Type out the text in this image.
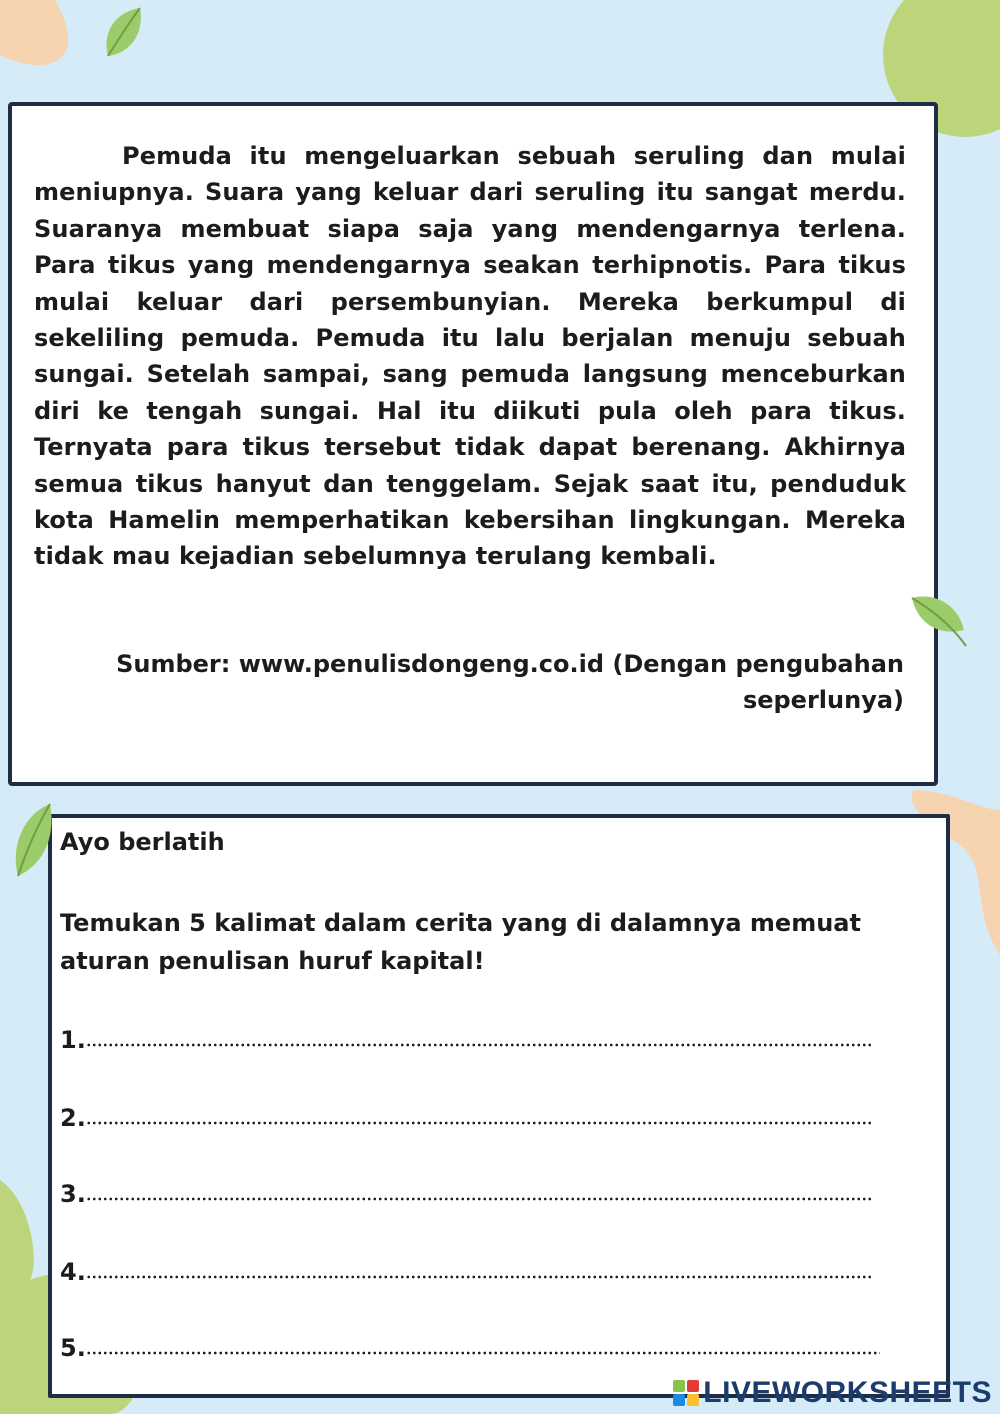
Pemuda itu mengeluarkan sebuah seruling dan mulai meniupnya. Suara yang keluar dari seruling itu sangat merdu. Suaranya membuat siapa saja yang mendengarnya terlena. Para tikus yang mendengarnya seakan terhipnotis. Para tikus mulai keluar dari persembunyian. Mereka berkumpul di sekeliling pemuda. Pemuda itu lalu berjalan menuju sebuah sungai. Setelah sampai, sang pemuda langsung menceburkan diri ke tengah sungai. Hal itu diikuti pula oleh para tikus. Ternyata para tikus tersebut tidak dapat berenang. Akhirnya semua tikus hanyut dan tenggelam. Sejak saat itu, penduduk kota Hamelin memperhatikan kebersihan lingkungan. Mereka tidak mau kejadian sebelumnya terulang kembali.

Sumber: www.penulisdongeng.co.id (Dengan pengubahan seperlunya)

Ayo berlatih

Temukan 5 kalimat dalam cerita yang di dalamnya memuat aturan penulisan huruf kapital!

1.
2.
3.
4.
5.
LIVEWORKSHEETS
